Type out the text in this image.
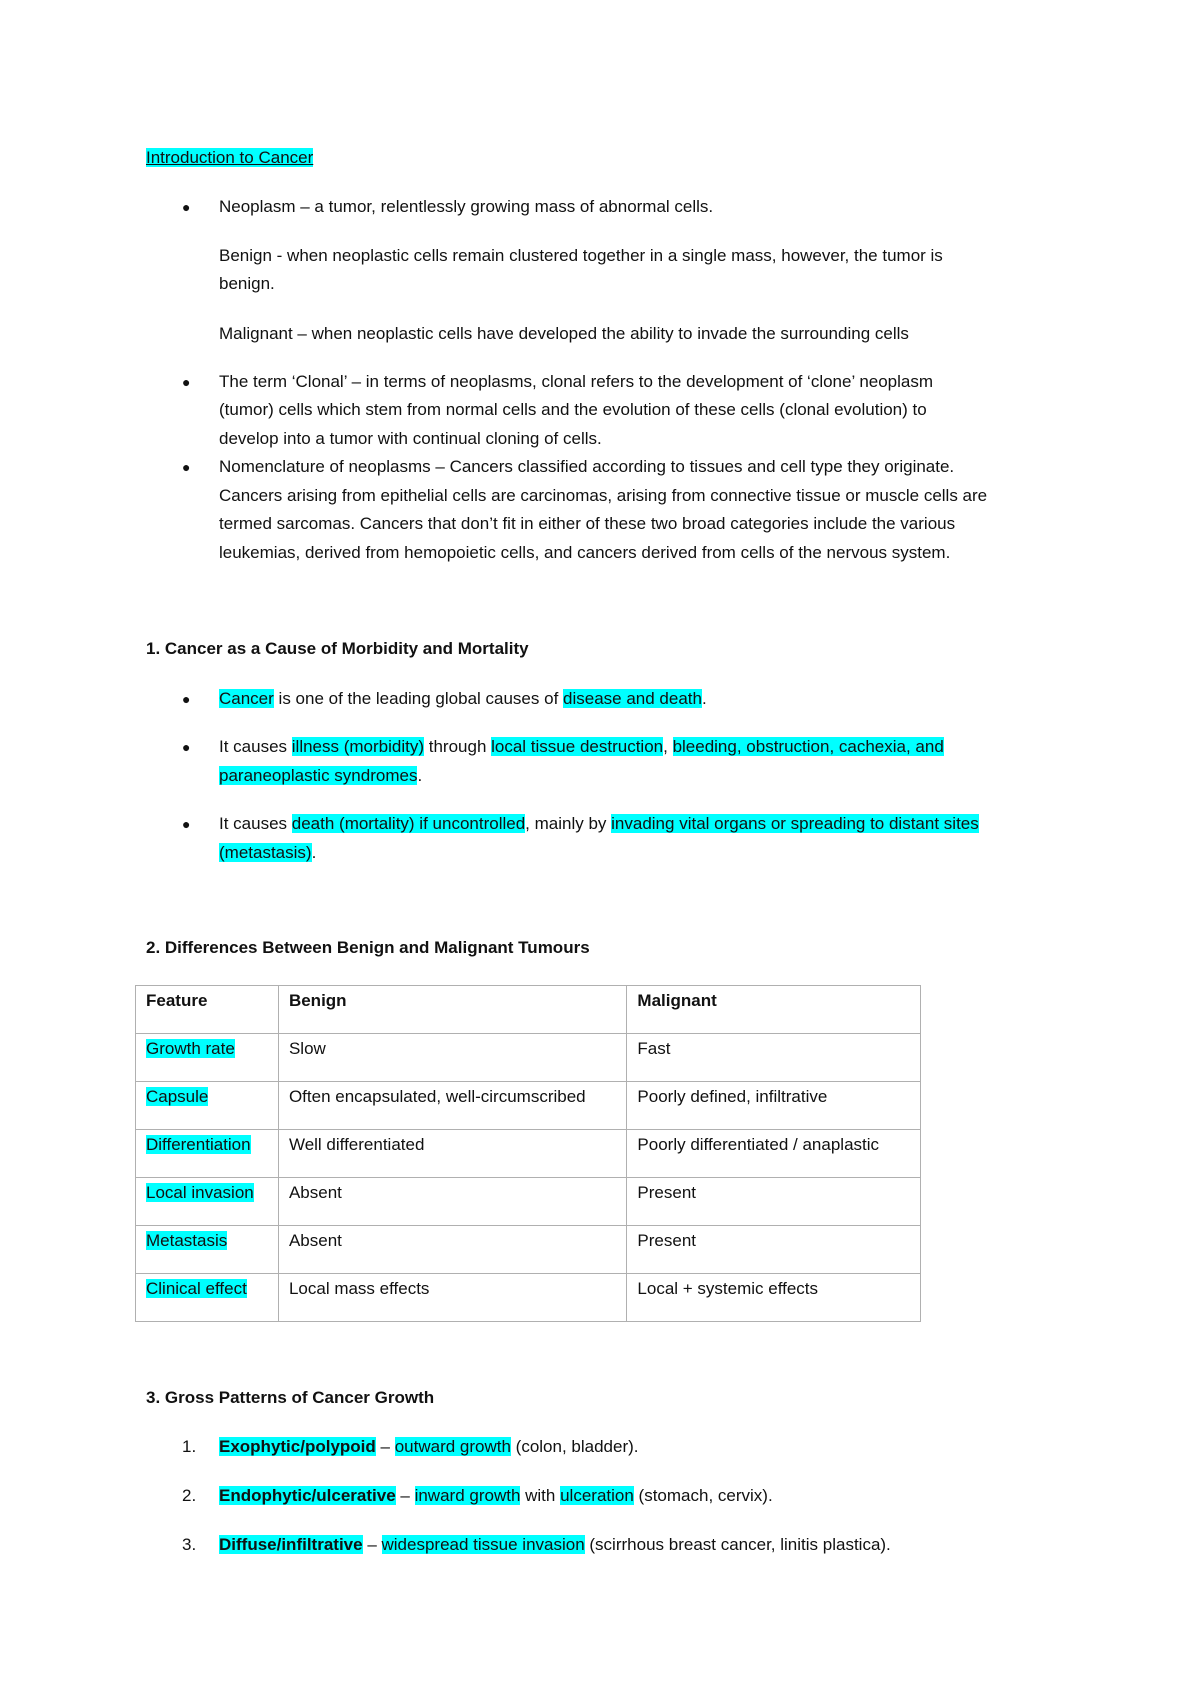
Introduction to Cancer
● Neoplasm – a tumor, relentlessly growing mass of abnormal cells.
Benign - when neoplastic cells remain clustered together in a single mass, however, the tumor is
benign.
Malignant – when neoplastic cells have developed the ability to invade the surrounding cells
● The term ‘Clonal’ – in terms of neoplasms, clonal refers to the development of ‘clone’ neoplasm
(tumor) cells which stem from normal cells and the evolution of these cells (clonal evolution) to
develop into a tumor with continual cloning of cells.
● Nomenclature of neoplasms – Cancers classified according to tissues and cell type they originate.
Cancers arising from epithelial cells are carcinomas, arising from connective tissue or muscle cells are
termed sarcomas. Cancers that don’t fit in either of these two broad categories include the various
leukemias, derived from hemopoietic cells, and cancers derived from cells of the nervous system.
1. Cancer as a Cause of Morbidity and Mortality
● Cancer is one of the leading global causes of disease and death.
● It causes illness (morbidity) through local tissue destruction, bleeding, obstruction, cachexia, and
paraneoplastic syndromes.
● It causes death (mortality) if uncontrolled, mainly by invading vital organs or spreading to distant sites
(metastasis).
2. Differences Between Benign and Malignant Tumours
Feature	Benign	Malignant
Growth rate	Slow	Fast
Capsule	Often encapsulated, well-circumscribed	Poorly defined, infiltrative
Differentiation	Well differentiated	Poorly differentiated / anaplastic
Local invasion	Absent	Present
Metastasis	Absent	Present
Clinical effect	Local mass effects	Local + systemic effects
3. Gross Patterns of Cancer Growth
1. Exophytic/polypoid – outward growth (colon, bladder).
2. Endophytic/ulcerative – inward growth with ulceration (stomach, cervix).
3. Diffuse/infiltrative – widespread tissue invasion (scirrhous breast cancer, linitis plastica).
